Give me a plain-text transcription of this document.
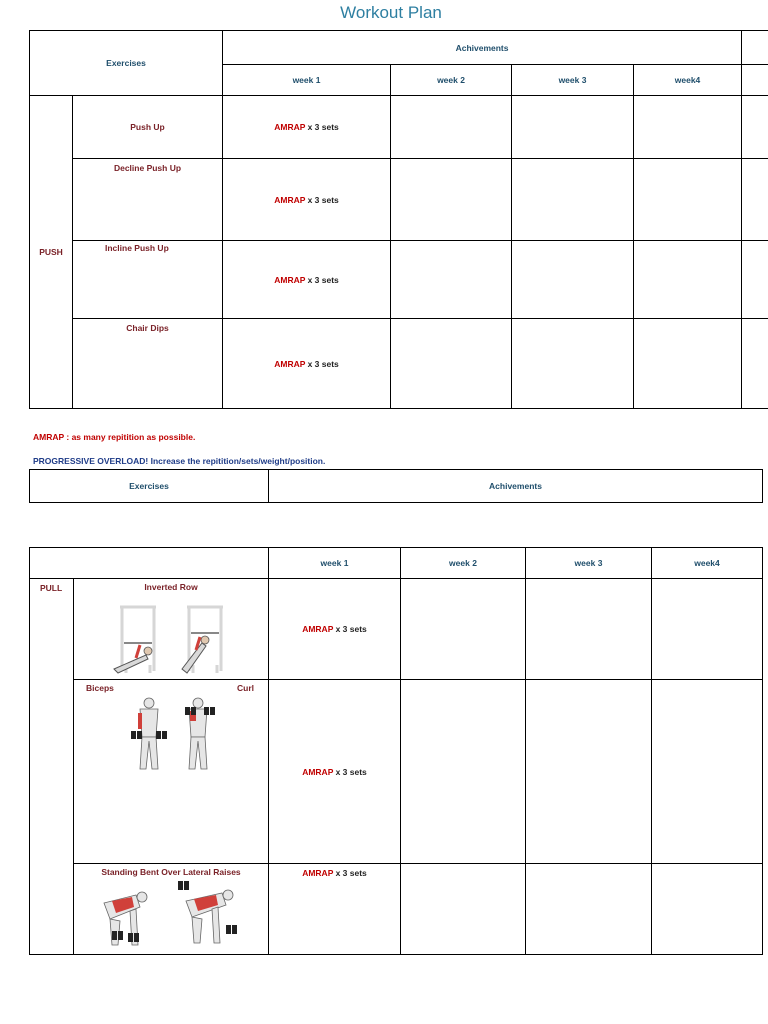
Workout Plan
Exercises		Achivements				
		week 1	week 2	week 3	week4	
PUSH	Push Up	AMRAP x 3 sets				
	Decline Push Up	AMRAP x 3 sets				
	Incline Push Up	AMRAP x 3 sets				
	Chair Dips	AMRAP x 3 sets				
AMRAP : as many repitition as possible.
PROGRESSIVE OVERLOAD! Increase the repitition/sets/weight/position.
Exercises	Achivements
		week 1	week 2	week 3	week4
PULL	Inverted Row	AMRAP x 3 sets			

	Biceps Curl	AMRAP x 3 sets			

	Standing Bent Over Lateral Raises	AMRAP x 3 sets			
